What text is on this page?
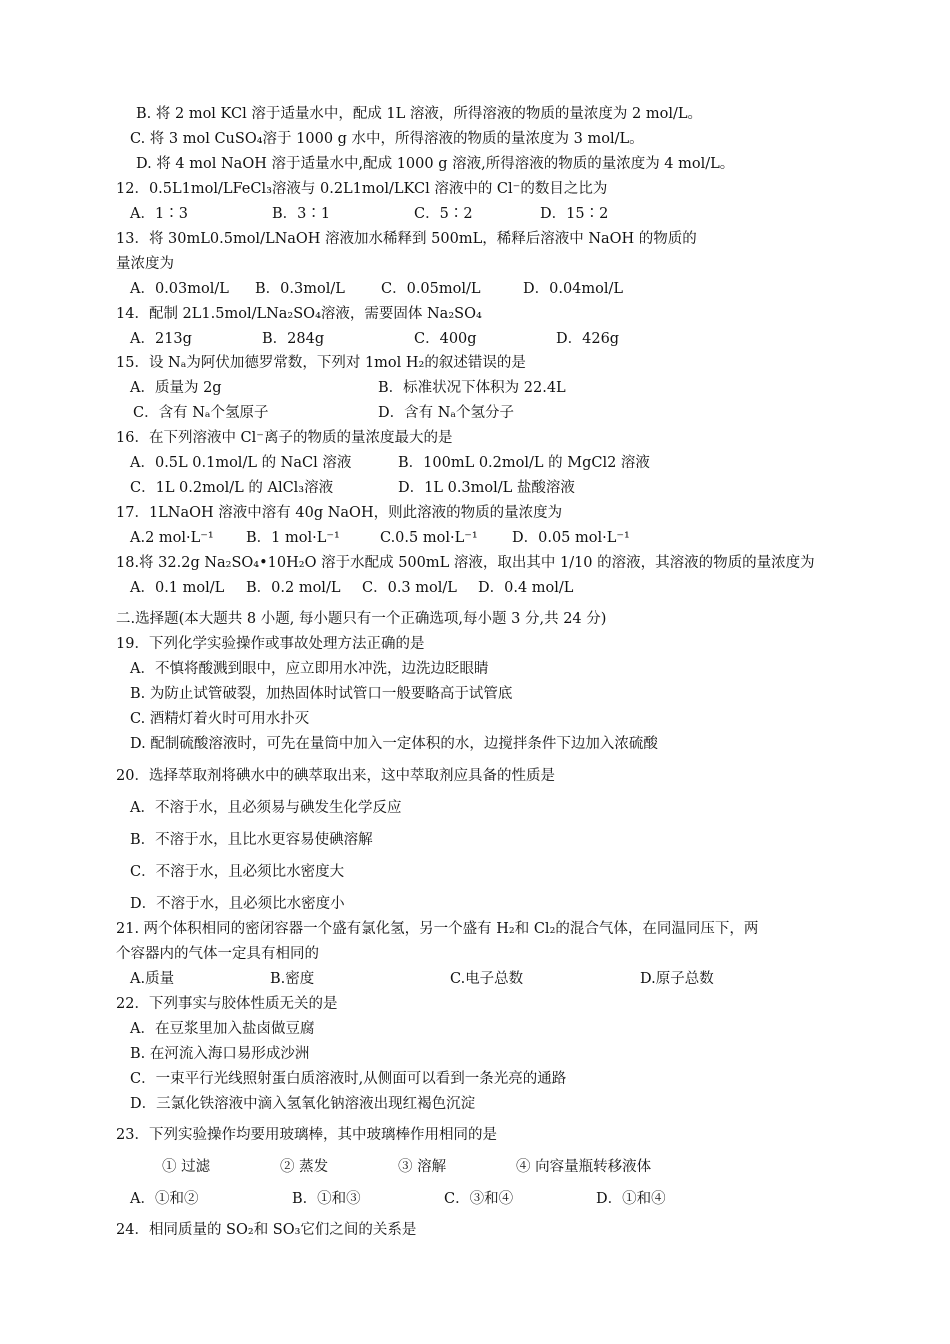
B. 将 2 mol KCl 溶于适量水中，配成 1L 溶液，所得溶液的物质的量浓度为 2 mol/L。
C. 将 3 mol CuSO₄溶于 1000 g 水中，所得溶液的物质的量浓度为 3 mol/L。
D. 将 4 mol NaOH 溶于适量水中,配成 1000 g 溶液,所得溶液的物质的量浓度为 4 mol/L。
12．0.5L1mol/LFeCl₃溶液与 0.2L1mol/LKCl 溶液中的 Cl⁻的数目之比为
A．1∶3	B．3∶1	C．5∶2	D．15∶2
13．将 30mL0.5mol/LNaOH 溶液加水稀释到 500mL，稀释后溶液中 NaOH 的物质的
量浓度为
A．0.03mol/L B．0.3mol/L C．0.05mol/L	D．0.04mol/L
14．配制 2L1.5mol/LNa₂SO₄溶液，需要固体 Na₂SO₄
A．213g	B．284g	C．400g	D．426g
15．设 Nₐ为阿伏加德罗常数，下列对 1mol H₂的叙述错误的是
A．质量为 2g	B．标准状况下体积为 22.4L
C．含有 Nₐ个氢原子	D．含有 Nₐ个氢分子
16．在下列溶液中 Cl⁻离子的物质的量浓度最大的是
A．0.5L 0.1mol/L 的 NaCl 溶液	B．100mL 0.2mol/L 的 MgCl2 溶液
C．1L 0.2mol/L 的 AlCl₃溶液	D．1L 0.3mol/L 盐酸溶液
17．1LNaOH 溶液中溶有 40g NaOH，则此溶液的物质的量浓度为
A.2 mol·L⁻¹ B．1 mol·L⁻¹	C.0.5 mol·L⁻¹ D．0.05 mol·L⁻¹
18.将 32.2g Na₂SO₄•10H₂O 溶于水配成 500mL 溶液，取出其中 1/10 的溶液，其溶液的物质的量浓度为
A．0.1 mol/L B．0.2 mol/L C．0.3 mol/L D．0.4 mol/L
二.选择题(本大题共 8 小题, 每小题只有一个正确选项,每小题 3 分,共 24 分)
19．下列化学实验操作或事故处理方法正确的是
A．不慎将酸溅到眼中，应立即用水冲洗，边洗边眨眼睛
B. 为防止试管破裂，加热固体时试管口一般要略高于试管底
C. 酒精灯着火时可用水扑灭
D. 配制硫酸溶液时，可先在量筒中加入一定体积的水，边搅拌条件下边加入浓硫酸
20．选择萃取剂将碘水中的碘萃取出来，这中萃取剂应具备的性质是
A．不溶于水，且必须易与碘发生化学反应
B．不溶于水，且比水更容易使碘溶解
C．不溶于水，且必须比水密度大
D．不溶于水，且必须比水密度小
21. 两个体积相同的密闭容器一个盛有氯化氢，另一个盛有 H₂和 Cl₂的混合气体，在同温同压下，两
个容器内的气体一定具有相同的
A.质量	B.密度	C.电子总数	D.原子总数
22．下列事实与胶体性质无关的是
A．在豆浆里加入盐卤做豆腐
B. 在河流入海口易形成沙洲
C．一束平行光线照射蛋白质溶液时,从侧面可以看到一条光亮的通路
D．三氯化铁溶液中滴入氢氧化钠溶液出现红褐色沉淀
23．下列实验操作均要用玻璃棒，其中玻璃棒作用相同的是
① 过滤	② 蒸发	③ 溶解	④ 向容量瓶转移液体
A．①和②	B．①和③	C．③和④	D．①和④
24．相同质量的 SO₂和 SO₃它们之间的关系是
